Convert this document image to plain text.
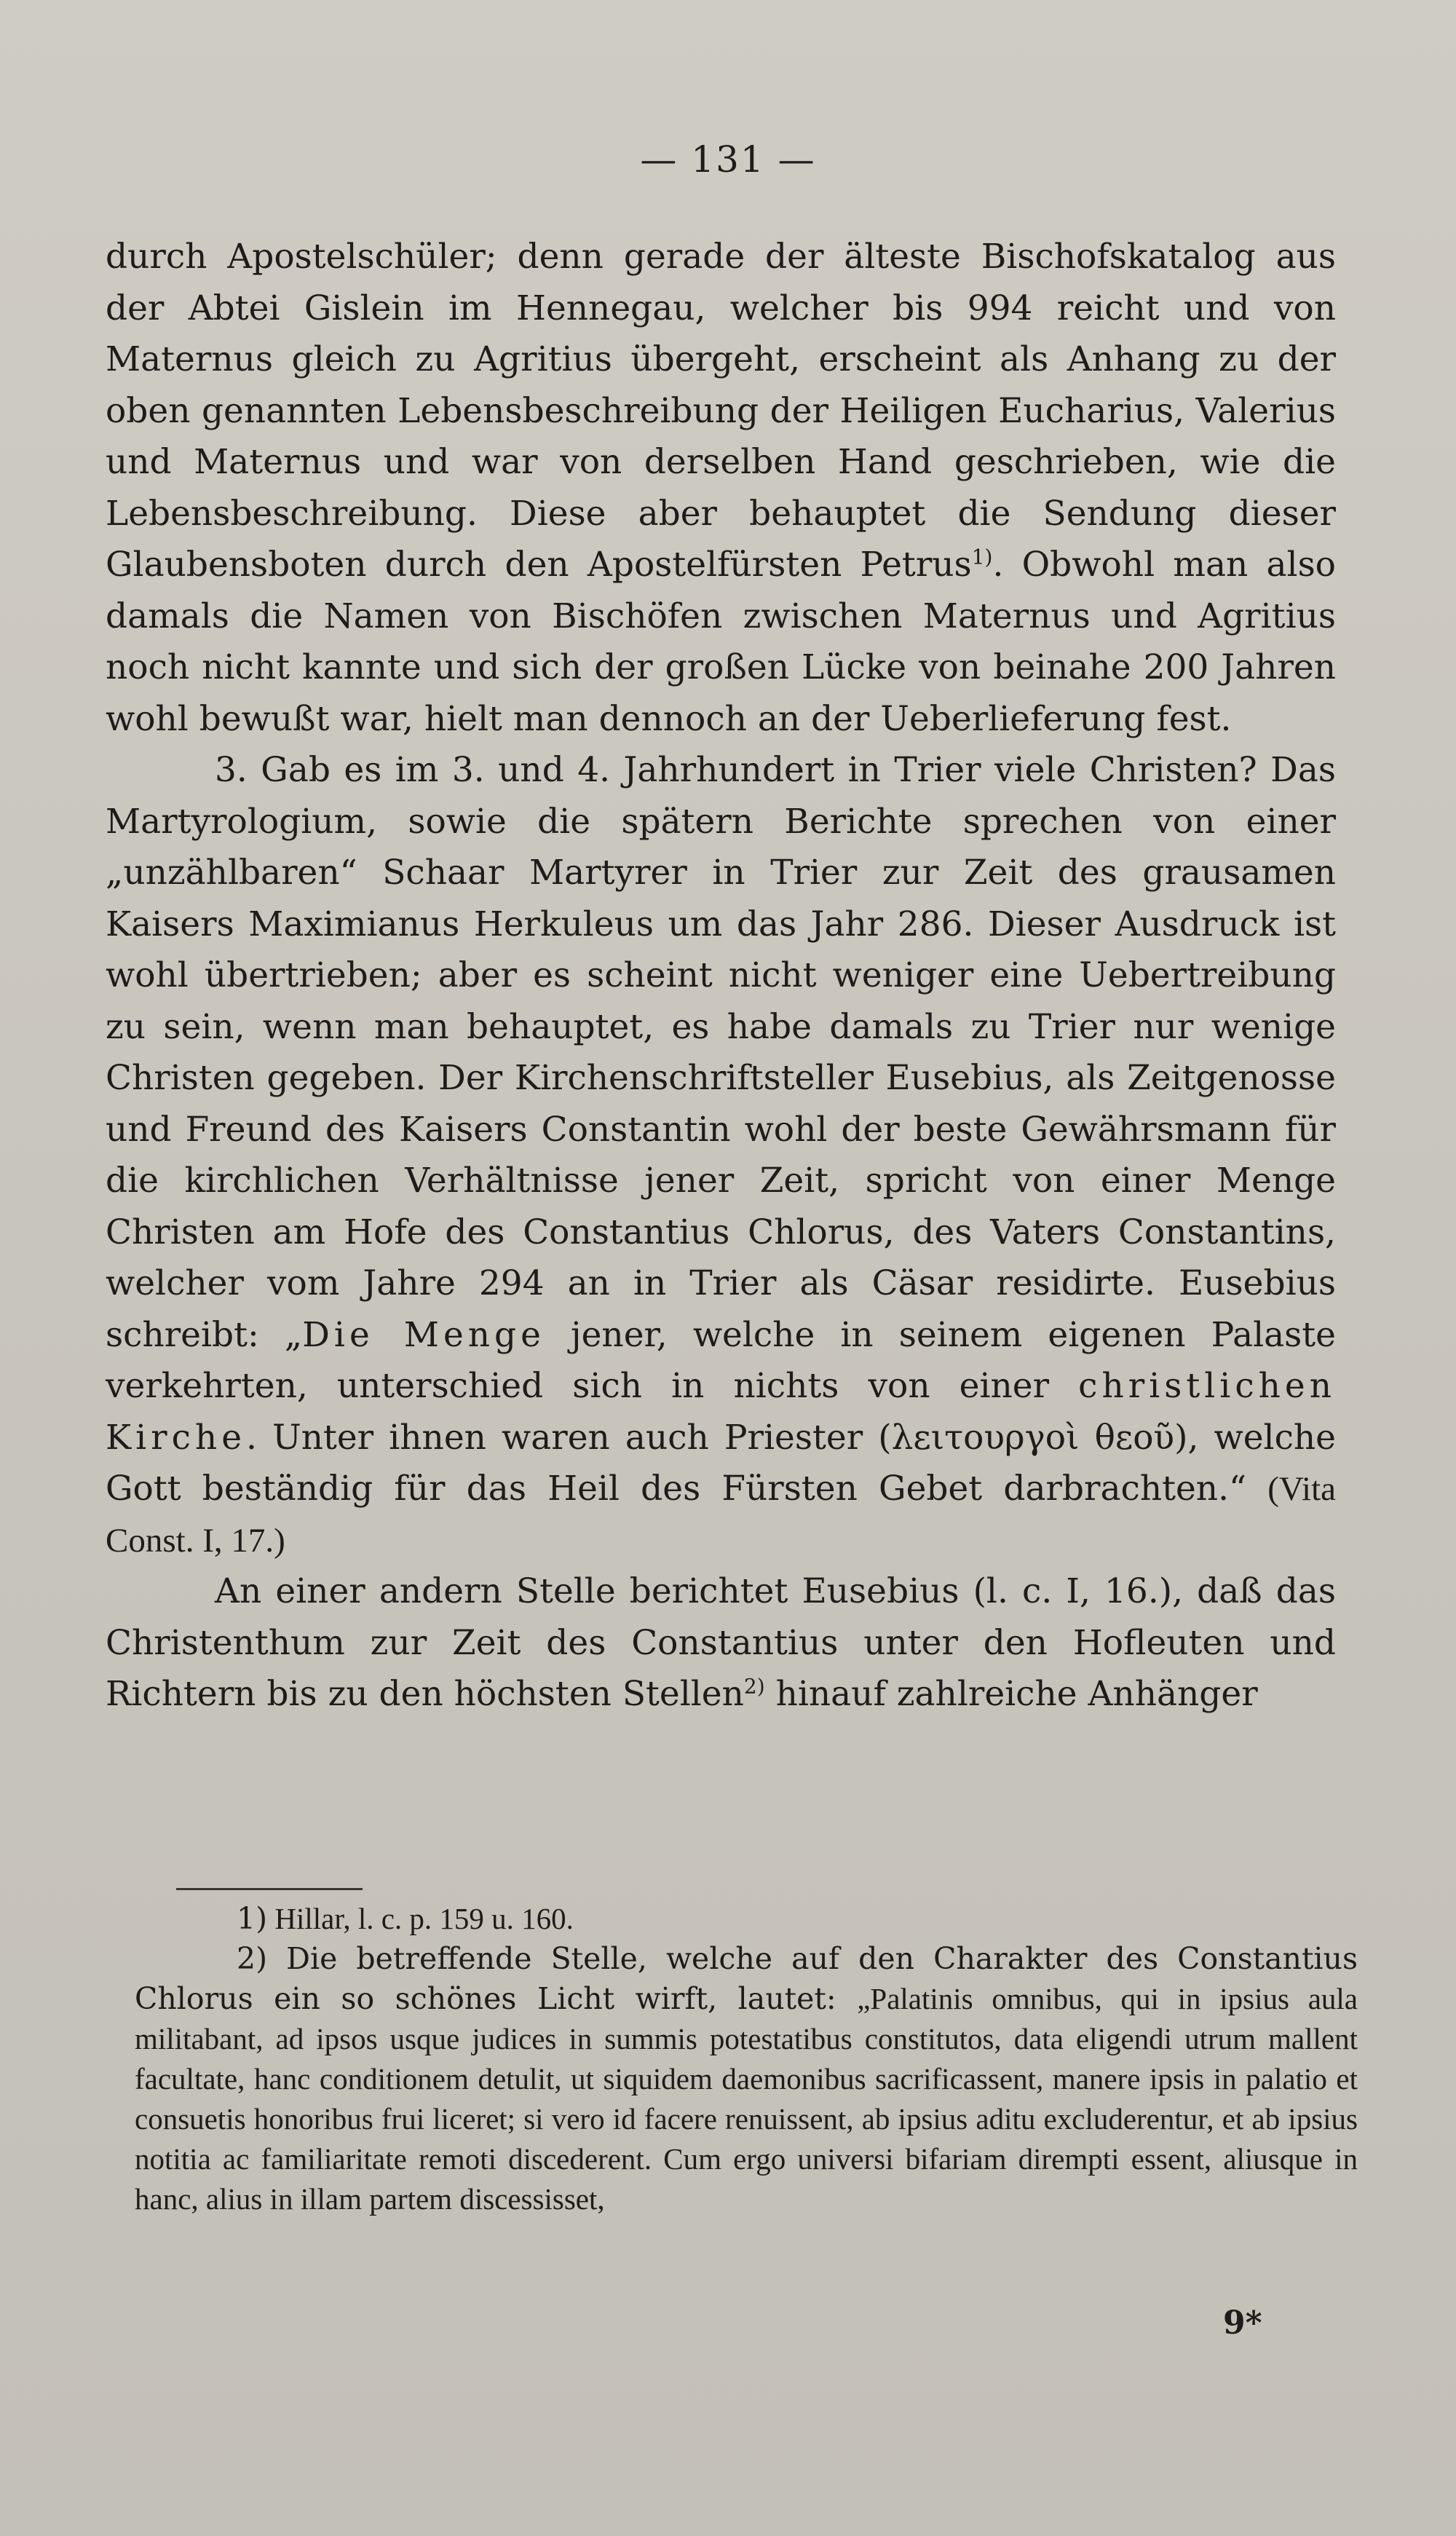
— 131 —

durch Apostelschüler; denn gerade der älteste Bischofskatalog aus der Abtei Gislein im Hennegau, welcher bis 994 reicht und von Maternus gleich zu Agritius übergeht, erscheint als Anhang zu der oben genannten Lebensbeschreibung der Heiligen Eucharius, Valerius und Maternus und war von derselben Hand geschrieben, wie die Lebensbeschreibung. Diese aber behauptet die Sendung dieser Glaubensboten durch den Apostelfürsten Petrus$^{1)}$. Obwohl man also damals die Namen von Bischöfen zwischen Maternus und Agritius noch nicht kannte und sich der großen Lücke von beinahe 200 Jahren wohl bewußt war, hielt man dennoch an der Ueberlieferung fest.

3. Gab es im 3. und 4. Jahrhundert in Trier viele Christen? Das Martyrologium, sowie die spätern Berichte sprechen von einer „unzählbaren“ Schaar Martyrer in Trier zur Zeit des grausamen Kaisers Maximianus Herkuleus um das Jahr 286. Dieser Ausdruck ist wohl übertrieben; aber es scheint nicht weniger eine Uebertreibung zu sein, wenn man behauptet, es habe damals zu Trier nur wenige Christen gegeben. Der Kirchenschriftsteller Eusebius, als Zeitgenosse und Freund des Kaisers Constantin wohl der beste Gewährsmann für die kirchlichen Verhältnisse jener Zeit, spricht von einer Menge Christen am Hofe des Constantius Chlorus, des Vaters Constantins, welcher vom Jahre 294 an in Trier als Cäsar residirte. Eusebius schreibt: „Die Menge jener, welche in seinem eigenen Palaste verkehrten, unterschied sich in nichts von einer christlichen Kirche. Unter ihnen waren auch Priester (λειτουργοὶ θεοῦ), welche Gott beständig für das Heil des Fürsten Gebet darbrachten.“ (Vita Const. I, 17.)

An einer andern Stelle berichtet Eusebius (l. c. I, 16.), daß das Christenthum zur Zeit des Constantius unter den Hofleuten und Richtern bis zu den höchsten Stellen$^{2)}$ hinauf zahlreiche Anhänger

1) Hillar, l. c. p. 159 u. 160.

2) Die betreffende Stelle, welche auf den Charakter des Constantius Chlorus ein so schönes Licht wirft, lautet: „Palatinis omnibus, qui in ipsius aula militabant, ad ipsos usque judices in summis potestatibus constitutos, data eligendi utrum mallent facultate, hanc conditionem detulit, ut siquidem daemonibus sacrificassent, manere ipsis in palatio et consuetis honoribus frui liceret; si vero id facere renuissent, ab ipsius aditu excluderentur, et ab ipsius notitia ac familiaritate remoti discederent. Cum ergo universi bifariam dirempti essent, aliusque in hanc, alius in illam partem discessisset,

9*
